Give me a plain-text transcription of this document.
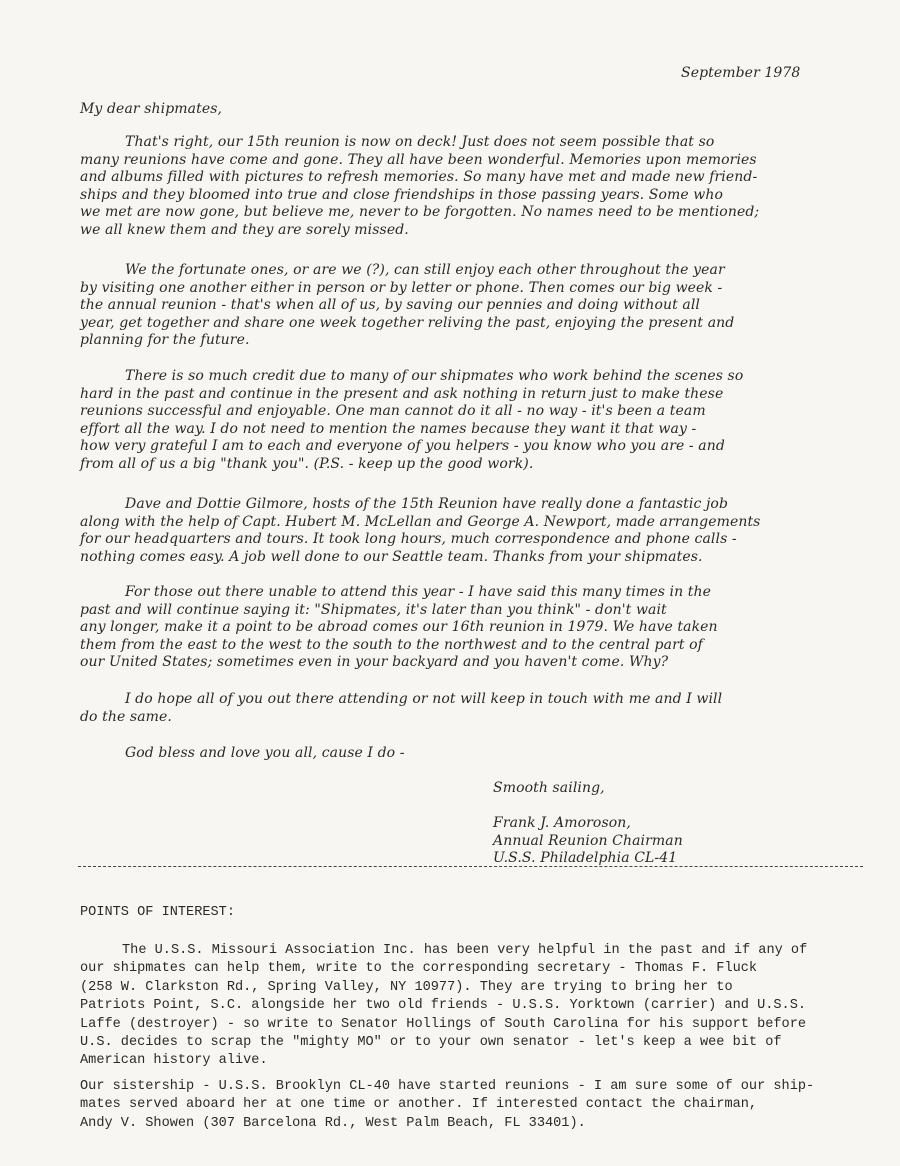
September 1978
My dear shipmates,
That's right, our 15th reunion is now on deck! Just does not seem possible that so
many reunions have come and gone. They all have been wonderful. Memories upon memories
and albums filled with pictures to refresh memories. So many have met and made new friend-
ships and they bloomed into true and close friendships in those passing years. Some who
we met are now gone, but believe me, never to be forgotten. No names need to be mentioned;
we all knew them and they are sorely missed.
We the fortunate ones, or are we (?), can still enjoy each other throughout the year
by visiting one another either in person or by letter or phone. Then comes our big week -
the annual reunion - that's when all of us, by saving our pennies and doing without all
year, get together and share one week together reliving the past, enjoying the present and
planning for the future.
There is so much credit due to many of our shipmates who work behind the scenes so
hard in the past and continue in the present and ask nothing in return just to make these
reunions successful and enjoyable. One man cannot do it all - no way - it's been a team
effort all the way. I do not need to mention the names because they want it that way -
how very grateful I am to each and everyone of you helpers - you know who you are - and
from all of us a big "thank you". (P.S. - keep up the good work).
Dave and Dottie Gilmore, hosts of the 15th Reunion have really done a fantastic job
along with the help of Capt. Hubert M. McLellan and George A. Newport, made arrangements
for our headquarters and tours. It took long hours, much correspondence and phone calls -
nothing comes easy. A job well done to our Seattle team. Thanks from your shipmates.
For those out there unable to attend this year - I have said this many times in the
past and will continue saying it: "Shipmates, it's later than you think" - don't wait
any longer, make it a point to be abroad comes our 16th reunion in 1979. We have taken
them from the east to the west to the south to the northwest and to the central part of
our United States; sometimes even in your backyard and you haven't come. Why?
I do hope all of you out there attending or not will keep in touch with me and I will
do the same.
God bless and love you all, cause I do -
Smooth sailing,
Frank J. Amoroson,
Annual Reunion Chairman
U.S.S. Philadelphia CL-41
POINTS OF INTEREST:
The U.S.S. Missouri Association Inc. has been very helpful in the past and if any of
our shipmates can help them, write to the corresponding secretary - Thomas F. Fluck
(258 W. Clarkston Rd., Spring Valley, NY 10977). They are trying to bring her to
Patriots Point, S.C. alongside her two old friends - U.S.S. Yorktown (carrier) and U.S.S.
Laffe (destroyer) - so write to Senator Hollings of South Carolina for his support before
U.S. decides to scrap the "mighty MO" or to your own senator - let's keep a wee bit of
American history alive.
Our sistership - U.S.S. Brooklyn CL-40 have started reunions - I am sure some of our ship-
mates served aboard her at one time or another. If interested contact the chairman,
Andy V. Showen (307 Barcelona Rd., West Palm Beach, FL 33401).
